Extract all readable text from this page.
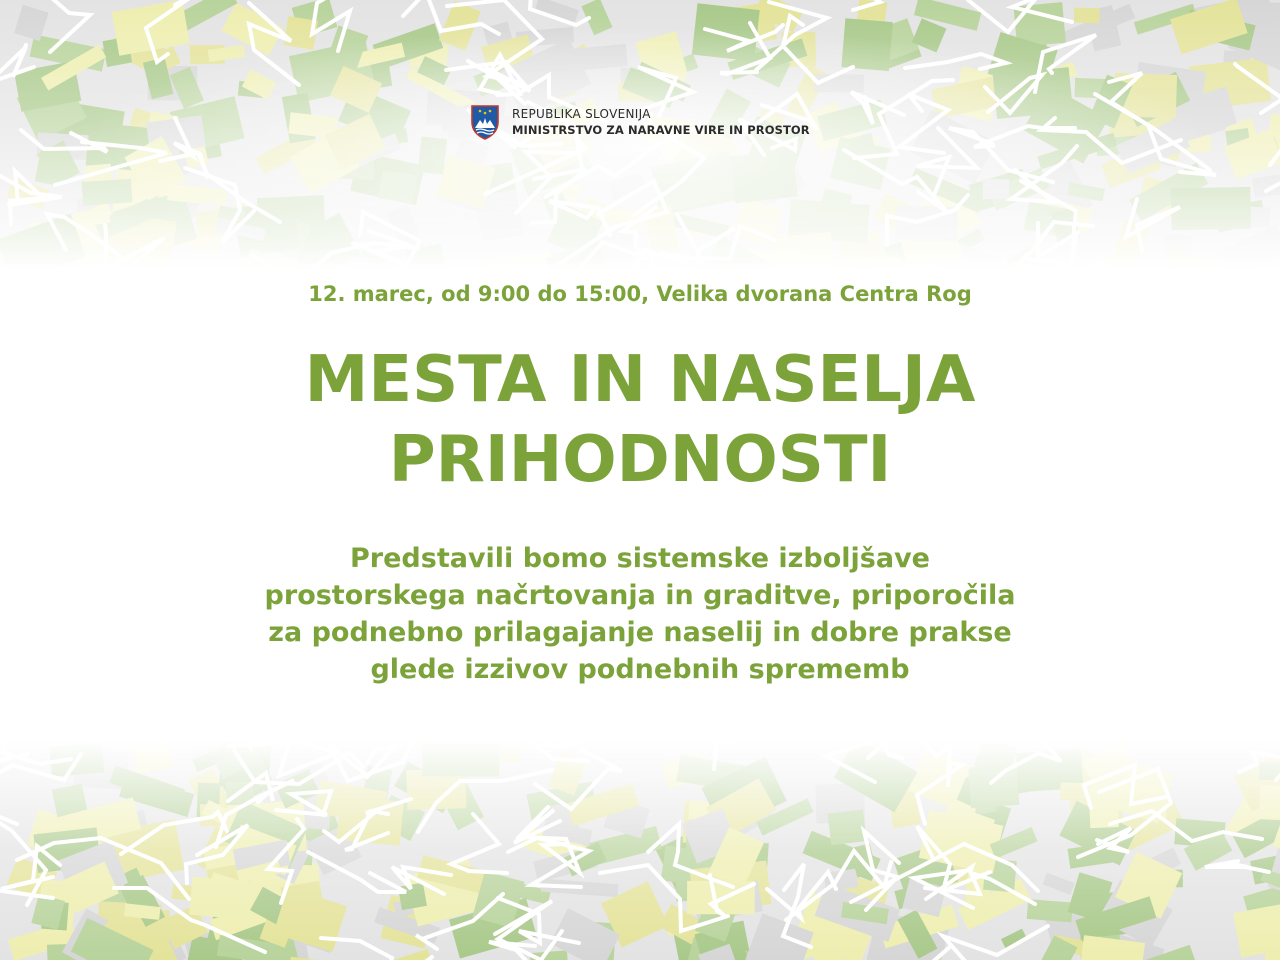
REPUBLIKA SLOVENIJA
MINISTRSTVO ZA NARAVNE VIRE IN PROSTOR
12. marec, od 9:00 do 15:00, Velika dvorana Centra Rog
MESTA IN NASELJA
PRIHODNOSTI
Predstavili bomo sistemske izboljšave
prostorskega načrtovanja in graditve, priporočila
za podnebno prilagajanje naselij in dobre prakse
glede izzivov podnebnih sprememb
